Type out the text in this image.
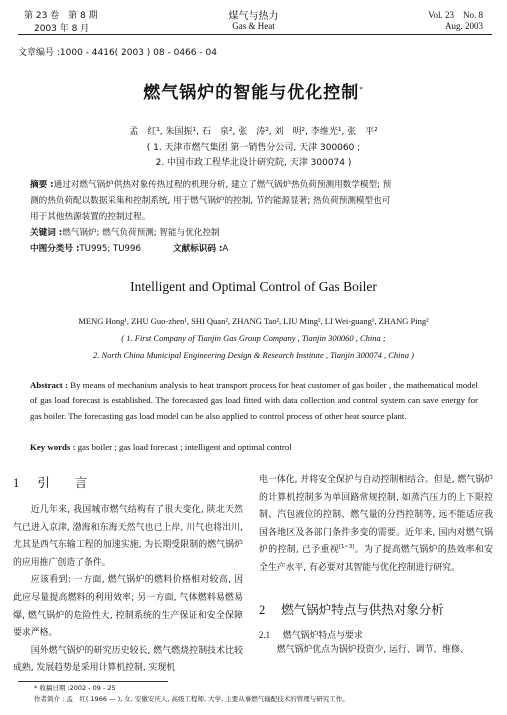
第 23 卷　第 8 期
2003 年 8 月
煤气与热力
Gas & Heat
Vol. 23　No. 8
Aug. 2003
文章编号 :1000 - 4416( 2003 ) 08 - 0466 - 04
燃气锅炉的智能与优化控制*
孟　红¹, 朱国振¹, 石　泉², 张　涛², 刘　明², 李维光¹, 张　平²
( 1. 天津市燃气集团 第一销售分公司, 天津 300060 ;
2. 中国市政工程华北设计研究院, 天津 300074 )
摘要 :通过对燃气锅炉供热对象传热过程的机理分析, 建立了燃气锅炉热负荷预测用数学模型; 预
测的热负荷配以数据采集和控制系统, 用于燃气锅炉的控制, 节约能源显著; 热负荷预测模型也可
用于其他热源装置的控制过程。
关键词 :燃气锅炉; 燃气负荷预测; 智能与优化控制
中图分类号 :TU995; TU996	文献标识码 :A
Intelligent and Optimal Control of Gas Boiler
MENG Hong¹, ZHU Guo-zhen¹, SHI Quan², ZHANG Tao², LIU Ming², LI Wei-guang¹, ZHANG Ping²
( 1. First Company of Tianjin Gas Group Company , Tianjin 300060 , China ;
2. North China Municipal Engineering Design & Research Institute , Tianjin 300074 , China )
Abstract : By means of mechanism analysis to heat transport process for heat customer of gas boiler , the mathematical model of gas load forecast is established. The forecasted gas load fitted with data collection and control system can save energy for gas boiler. The forecasting gas load model can be also applied to control process of other heat source plant.
Key words : gas boiler ; gas load forecast ; intelligent and optimal control
1 引　　言

近几年来, 我国城市燃气结构有了很大变化, 陕北天然气已进入京津, 渤海和东海天然气也已上岸, 川气也将出川, 尤其是西气东输工程的加速实施, 为长期受限制的燃气锅炉的应用推广创造了条件。

应该看到: 一方面, 燃气锅炉的燃料价格相对较高, 因此应尽量提高燃料的利用效率; 另一方面, 气体燃料易燃易爆, 燃气锅炉的危险性大, 控制系统的生产保证和安全保障要求严格。

国外燃气锅炉的研究历史较长, 燃气燃烧控制技术比较成熟, 发展趋势是采用计算机控制, 实现机

电一体化, 并将安全保护与自动控制相结合。但是, 燃气锅炉的计算机控制多为单回路常规控制, 如蒸汽压力的上下限控制、汽包液位的控制、燃气量的分挡控制等, 远不能适应我国各地区及各部门条件多变的需要。近年来, 国内对燃气锅炉的控制, 已予重视[1~3]。为了提高燃气锅炉的热效率和安全生产水平, 有必要对其智能与优化控制进行研究。

2 燃气锅炉特点与供热对象分析
2.1 燃气锅炉特点与要求

燃气锅炉优点为锅炉投资少, 运行、调节、维修、

* 收稿日期 :2002 - 09 - 25
作者简介 : 孟　红( 1966 — ), 女, 安徽安庆人, 高级工程师, 大学, 主要从事燃气输配技术的管理与研究工作。
